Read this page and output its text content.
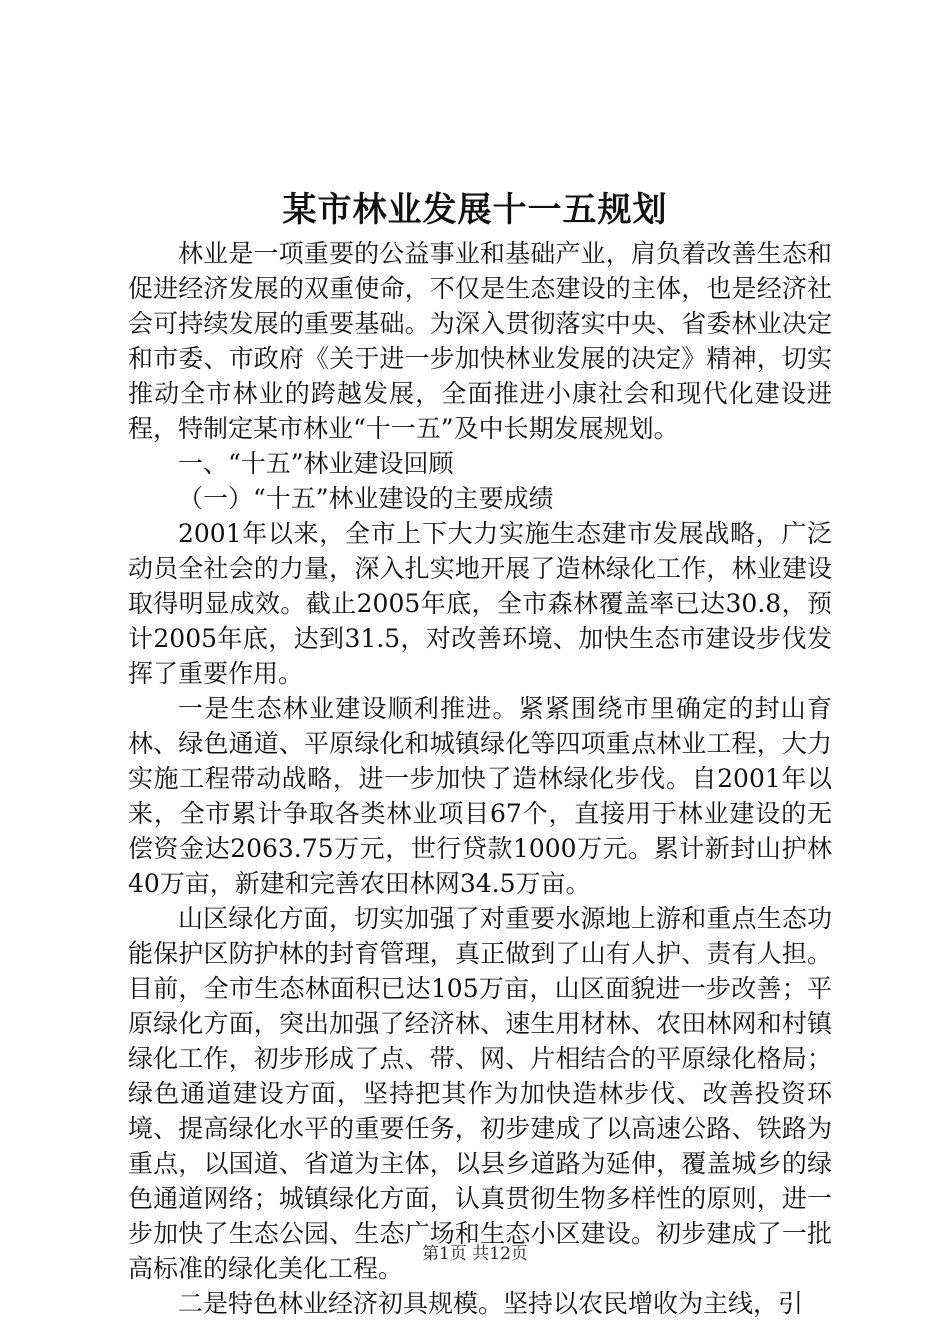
某市林业发展十一五规划

林业是一项重要的公益事业和基础产业，肩负着改善生态和促进经济发展的双重使命，不仅是生态建设的主体，也是经济社会可持续发展的重要基础。为深入贯彻落实中央、省委林业决定和市委、市政府《关于进一步加快林业发展的决定》精神，切实推动全市林业的跨越发展，全面推进小康社会和现代化建设进程，特制定某市林业“十一五”及中长期发展规划。

一、“十五”林业建设回顾

（一）“十五”林业建设的主要成绩

2001年以来，全市上下大力实施生态建市发展战略，广泛动员全社会的力量，深入扎实地开展了造林绿化工作，林业建设取得明显成效。截止2005年底，全市森林覆盖率已达30.8，预计2005年底，达到31.5，对改善环境、加快生态市建设步伐发挥了重要作用。

一是生态林业建设顺利推进。紧紧围绕市里确定的封山育林、绿色通道、平原绿化和城镇绿化等四项重点林业工程，大力实施工程带动战略，进一步加快了造林绿化步伐。自2001年以来，全市累计争取各类林业项目67个，直接用于林业建设的无偿资金达2063.75万元，世行贷款1000万元。累计新封山护林40万亩，新建和完善农田林网34.5万亩。

山区绿化方面，切实加强了对重要水源地上游和重点生态功能保护区防护林的封育管理，真正做到了山有人护、责有人担。目前，全市生态林面积已达105万亩，山区面貌进一步改善；平原绿化方面，突出加强了经济林、速生用材林、农田林网和村镇绿化工作，初步形成了点、带、网、片相结合的平原绿化格局；绿色通道建设方面，坚持把其作为加快造林步伐、改善投资环境、提高绿化水平的重要任务，初步建成了以高速公路、铁路为重点，以国道、省道为主体，以县乡道路为延伸，覆盖城乡的绿色通道网络；城镇绿化方面，认真贯彻生物多样性的原则，进一步加快了生态公园、生态广场和生态小区建设。初步建成了一批高标准的绿化美化工程。

二是特色林业经济初具规模。坚持以农民增收为主线，引

第1页 共12页
